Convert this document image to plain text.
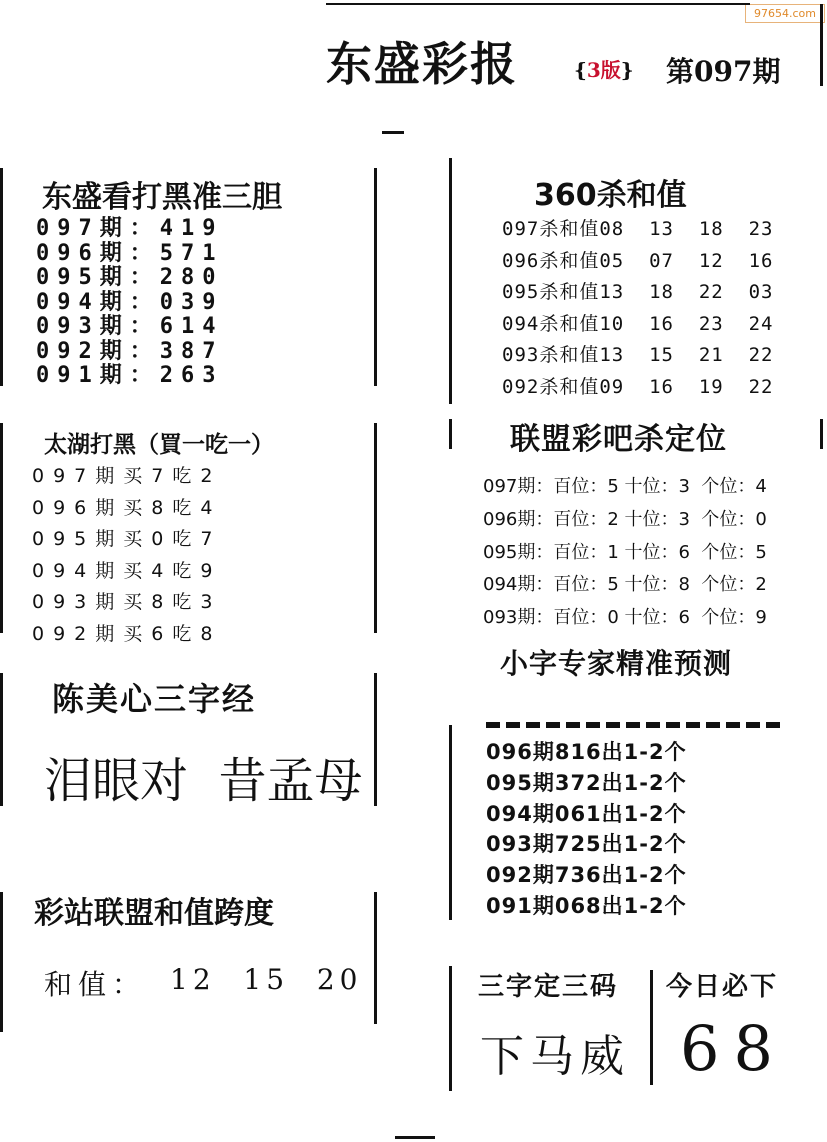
97654.com
东盛彩报	{3版} 第097期
东盛看打黑准三胆
097期：419
096期：571
095期：280
094期：039
093期：614
092期：387
091期：263
太湖打黑（買一吃一）
097期买7吃2
096期买8吃4
095期买0吃7
094期买4吃9
093期买8吃3
092期买6吃8
陈美心三字经
泪眼对  昔孟母
彩站联盟和值跨度
和值： 12  15  20
360杀和值
097杀和值08  13  18  23
096杀和值05  07  12  16
095杀和值13  18  22  03
094杀和值10  16  23  24
093杀和值13  15  21  22
092杀和值09  16  19  22
联盟彩吧杀定位
097期：百位：5 十位：3  个位：4
096期：百位：2 十位：3  个位：0
095期：百位：1 十位：6  个位：5
094期：百位：5 十位：8  个位：2
093期：百位：0 十位：6  个位：9
小字专家精准预测
096期816出1-2个
095期372出1-2个
094期061出1-2个
093期725出1-2个
092期736出1-2个
091期068出1-2个
三字定三码
下马威
今日必下
68
